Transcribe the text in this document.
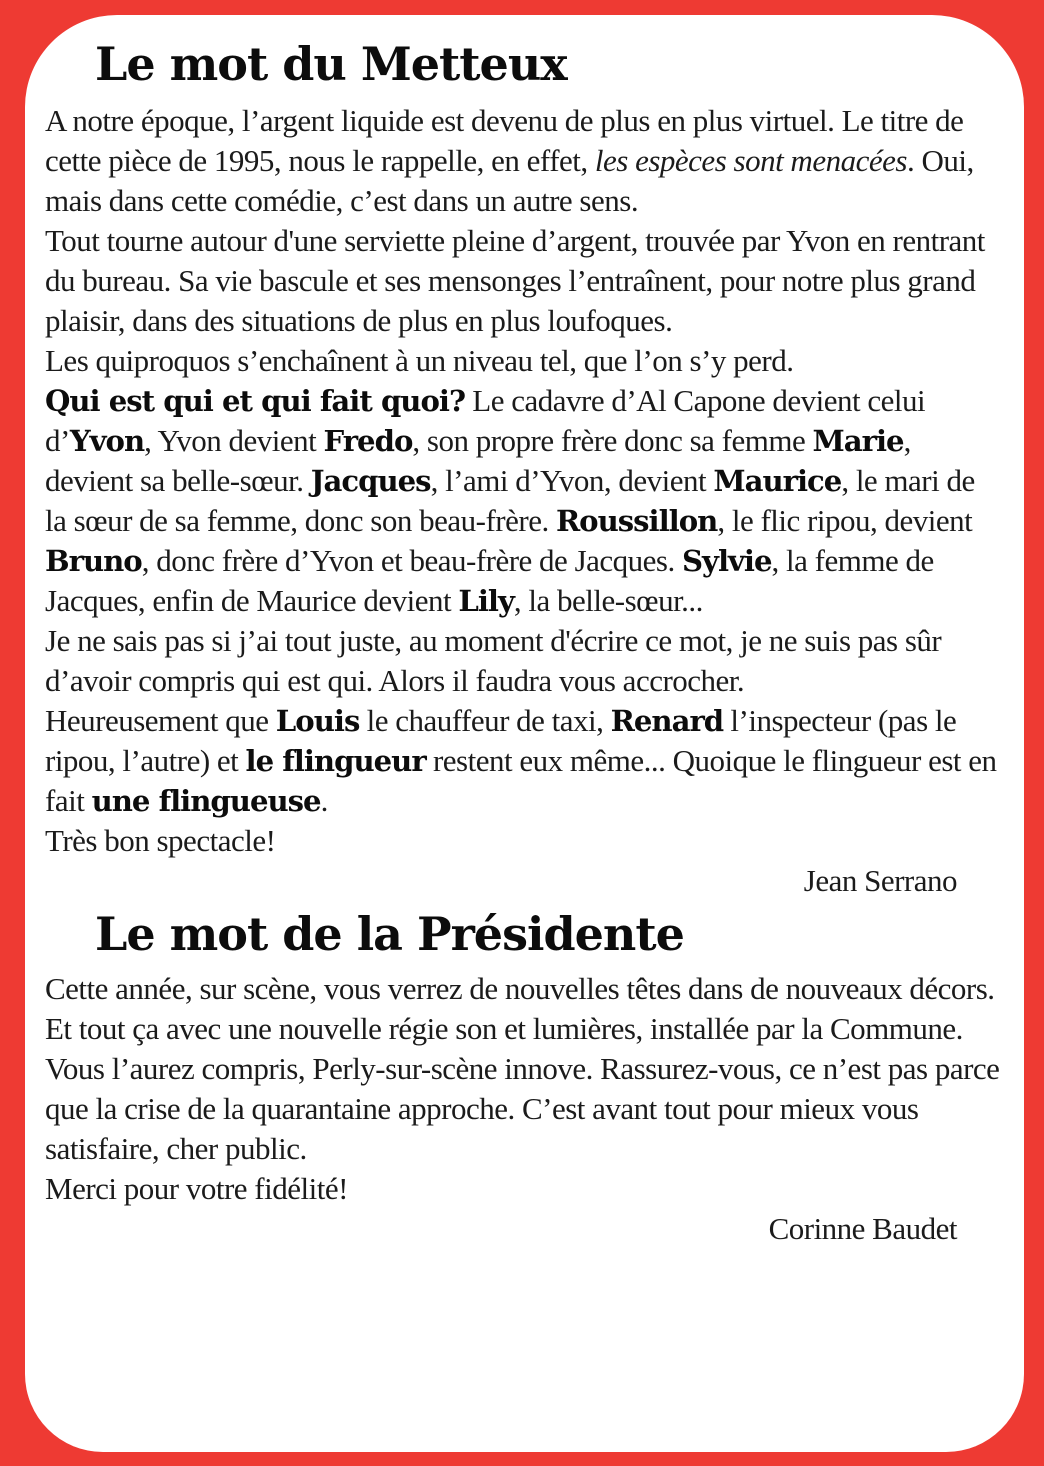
Le mot du Metteux

A notre époque, l’argent liquide est devenu de plus en plus virtuel. Le titre de cette pièce de 1995, nous le rappelle, en effet, les espèces sont menacées. Oui, mais dans cette comédie, c’est dans un autre sens.

Tout tourne autour d'une serviette pleine d’argent, trouvée par Yvon en rentrant du bureau. Sa vie bascule et ses mensonges l’entraînent, pour notre plus grand plaisir, dans des situations de plus en plus loufoques.

Les quiproquos s’enchaînent à un niveau tel, que l’on s’y perd.

Qui est qui et qui fait quoi? Le cadavre d’Al Capone devient celui d’Yvon, Yvon devient Fredo, son propre frère donc sa femme Marie, devient sa belle-sœur. Jacques, l’ami d’Yvon, devient Maurice, le mari de la sœur de sa femme, donc son beau-frère. Roussillon, le flic ripou, devient Bruno, donc frère d’Yvon et beau-frère de Jacques. Sylvie, la femme de Jacques, enfin de Maurice devient Lily, la belle-sœur...

Je ne sais pas si j’ai tout juste, au moment d'écrire ce mot, je ne suis pas sûr d’avoir compris qui est qui. Alors il faudra vous accrocher.

Heureusement que Louis le chauffeur de taxi, Renard l’inspecteur (pas le ripou, l’autre) et le flingueur restent eux même... Quoique le flingueur est en fait une flingueuse.

Très bon spectacle!

Jean Serrano
Le mot de la Présidente

Cette année, sur scène, vous verrez de nouvelles têtes dans de nouveaux décors. Et tout ça avec une nouvelle régie son et lumières, installée par la Commune.

Vous l’aurez compris, Perly-sur-scène innove. Rassurez-vous, ce n’est pas parce que la crise de la quarantaine approche. C’est avant tout pour mieux vous satisfaire, cher public.

Merci pour votre fidélité!

Corinne Baudet
